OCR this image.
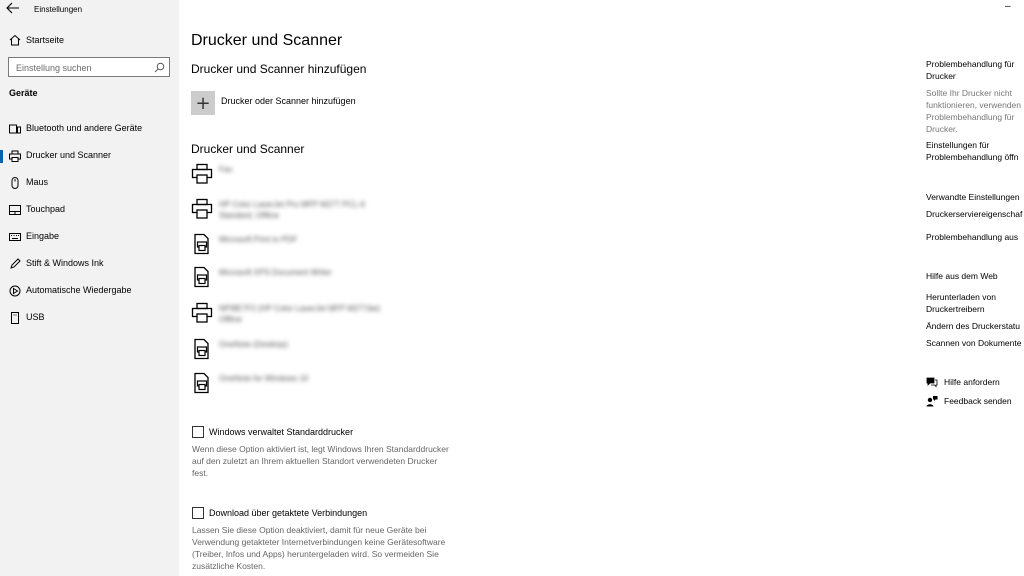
Einstellungen
Startseite
Einstellung suchen
Geräte
Bluetooth und andere Geräte
Drucker und Scanner
Maus
Touchpad
Eingabe
Stift & Windows Ink
Automatische Wiedergabe
USB
Drucker und Scanner
Drucker und Scanner hinzufügen
+	Drucker oder Scanner hinzufügen
Drucker und Scanner
Fax
HP Color LaserJet Pro MFP M277 PCL-6
Standard, Offline
Microsoft Print to PDF
Microsoft XPS Document Writer
NPI8E7F2 (HP Color LaserJet MFP M277dw)
Offline
OneNote (Desktop)
OneNote for Windows 10
Windows verwaltet Standarddrucker
Wenn diese Option aktiviert ist, legt Windows Ihren Standarddrucker auf den zuletzt an Ihrem aktuellen Standort verwendeten Drucker fest.
Download über getaktete Verbindungen
Lassen Sie diese Option deaktiviert, damit für neue Geräte bei Verwendung getakteter Internetverbindungen keine Gerätesoftware (Treiber, Infos und Apps) heruntergeladen wird. So vermeiden Sie zusätzliche Kosten.
–
Problembehandlung für
Drucker
Sollte Ihr Drucker nicht
funktionieren, verwenden
Problembehandlung für
Drucker.
Einstellungen für
Problembehandlung öffn
Verwandte Einstellungen
Druckerserviereigenschaf
Problembehandlung aus
Hilfe aus dem Web
Herunterladen von
Druckertreibern
Ändern des Druckerstatu
Scannen von Dokumente
Hilfe anfordern
Feedback senden
